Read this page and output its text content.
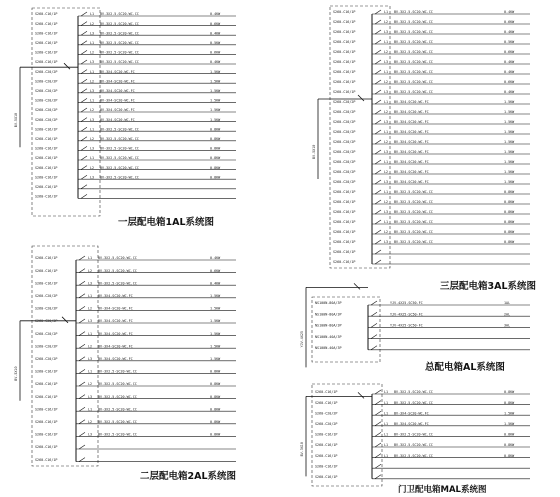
一层配电箱1AL系统图
二层配电箱2AL系统图
三层配电箱3AL系统图
总配电箱AL系统图
门卫配电箱MAL系统图
BV-5X10
S260-C16/1P	L1 BV-3X2.5-SC20-WC.CC	0.4KW
S260-C16/1P	L2 BV-3X2.5-SC20-WC.CC	0.6KW
S260-C16/1P	L3 BV-3X2.5-SC20-WC.CC	0.4KW
S260-C16/1P	L1 BV-3X2.5-SC20-WC.CC	0.5KW
S260-C16/1P	L2 BV-3X2.5-SC20-WC.CC	0.6KW
S260-C16/1P	L3 BV-3X2.5-SC20-WC.CC	0.4KW
S260-C20/2P	L1 BV-3X4-SC20-WC.FC	1.5KW
S260-C20/2P	L2 BV-3X4-SC20-WC.FC	1.5KW
S260-C20/2P	L3 BV-3X4-SC20-WC.FC	1.5KW
S260-C20/2P	L1 BV-3X4-SC20-WC.FC	1.5KW
S260-C20/2P	L2 BV-3X4-SC20-WC.FC	1.5KW
S260-C20/2P	L3 BV-3X4-SC20-WC.FC	1.5KW
S260-C16/1P	L1 BV-3X2.5-SC20-WC.CC	0.8KW
S260-C16/1P	L2 BV-3X2.5-SC20-WC.CC	0.8KW
S260-C16/1P	L3 BV-3X2.5-SC20-WC.CC	0.8KW
S260-C16/1P	L1 BV-3X2.5-SC20-WC.CC	0.8KW
S260-C16/1P	L2 BV-3X2.5-SC20-WC.CC	0.8KW
S260-C16/1P	L3 BV-3X2.5-SC20-WC.CC	0.8KW
S260-C16/1P
S260-C16/1P
BV-5X10
S260-C16/1P	L1 BV-3X2.5-SC20-WC.CC	0.4KW
S260-C16/1P	L2 BV-3X2.5-SC20-WC.CC	0.6KW
S260-C16/1P	L3 BV-3X2.5-SC20-WC.CC	0.4KW
S260-C20/2P	L1 BV-3X4-SC20-WC.FC	1.5KW
S260-C20/2P	L2 BV-3X4-SC20-WC.FC	1.5KW
S260-C20/2P	L3 BV-3X4-SC20-WC.FC	1.5KW
S260-C20/2P	L1 BV-3X4-SC20-WC.FC	1.5KW
S260-C20/2P	L2 BV-3X4-SC20-WC.FC	1.5KW
S260-C20/2P	L3 BV-3X4-SC20-WC.FC	1.5KW
S260-C16/1P	L1 BV-3X2.5-SC20-WC.CC	0.8KW
S260-C16/1P	L2 BV-3X2.5-SC20-WC.CC	0.8KW
S260-C16/1P	L3 BV-3X2.5-SC20-WC.CC	0.8KW
S260-C16/1P	L1 BV-3X2.5-SC20-WC.CC	0.8KW
S260-C16/1P	L2 BV-3X2.5-SC20-WC.CC	0.8KW
S260-C16/1P	L3 BV-3X2.5-SC20-WC.CC	0.8KW
S260-C16/1P
S260-C16/1P
BV-5X10
S260-C16/1P	L1 BV-3X2.5-SC20-WC.CC	0.4KW
S260-C16/1P	L2 BV-3X2.5-SC20-WC.CC	0.6KW
S260-C16/1P	L3 BV-3X2.5-SC20-WC.CC	0.4KW
S260-C16/1P	L1 BV-3X2.5-SC20-WC.CC	0.5KW
S260-C16/1P	L2 BV-3X2.5-SC20-WC.CC	0.6KW
S260-C16/1P	L3 BV-3X2.5-SC20-WC.CC	0.4KW
S260-C16/1P	L1 BV-3X2.5-SC20-WC.CC	0.4KW
S260-C16/1P	L2 BV-3X2.5-SC20-WC.CC	0.6KW
S260-C16/1P	L3 BV-3X2.5-SC20-WC.CC	0.4KW
S260-C20/2P	L1 BV-3X4-SC20-WC.FC	1.5KW
S260-C20/2P	L2 BV-3X4-SC20-WC.FC	1.5KW
S260-C20/2P	L3 BV-3X4-SC20-WC.FC	1.5KW
S260-C20/2P	L1 BV-3X4-SC20-WC.FC	1.5KW
S260-C20/2P	L2 BV-3X4-SC20-WC.FC	1.5KW
S260-C20/2P	L3 BV-3X4-SC20-WC.FC	1.5KW
S260-C20/2P	L1 BV-3X4-SC20-WC.FC	1.5KW
S260-C20/2P	L2 BV-3X4-SC20-WC.FC	1.5KW
S260-C20/2P	L3 BV-3X4-SC20-WC.FC	1.5KW
S260-C16/1P	L1 BV-3X2.5-SC20-WC.CC	0.8KW
S260-C16/1P	L2 BV-3X2.5-SC20-WC.CC	0.8KW
S260-C16/1P	L3 BV-3X2.5-SC20-WC.CC	0.8KW
S260-C16/1P	L1 BV-3X2.5-SC20-WC.CC	0.8KW
S260-C16/1P	L2 BV-3X2.5-SC20-WC.CC	0.8KW
S260-C16/1P	L3 BV-3X2.5-SC20-WC.CC	0.8KW
S260-C16/1P
S260-C16/1P
YJV-4X25
NS100N-80A/3P	YJV-4X25-SC50-FC	1AL
NS100N-80A/3P	YJV-4X25-SC50-FC	2AL
NS100N-80A/3P	YJV-4X25-SC50-FC	3AL
NS100N-40A/3P
NS100N-40A/3P
BV-3X10
S260-C16/1P	L1 BV-3X2.5-SC20-WC.CC	0.8KW
S260-C16/1P	L1 BV-3X2.5-SC20-WC.CC	0.8KW
S260-C20/2P	L1 BV-3X4-SC20-WC.FC	1.5KW
S260-C20/2P	L1 BV-3X4-SC20-WC.FC	1.5KW
S260-C16/1P	L1 BV-3X2.5-SC20-WC.CC	0.8KW
S260-C16/1P	L1 BV-3X2.5-SC20-WC.CC	0.8KW
S260-C16/1P	L1 BV-3X2.5-SC20-WC.CC	0.8KW
S260-C16/1P
S260-C16/1P
